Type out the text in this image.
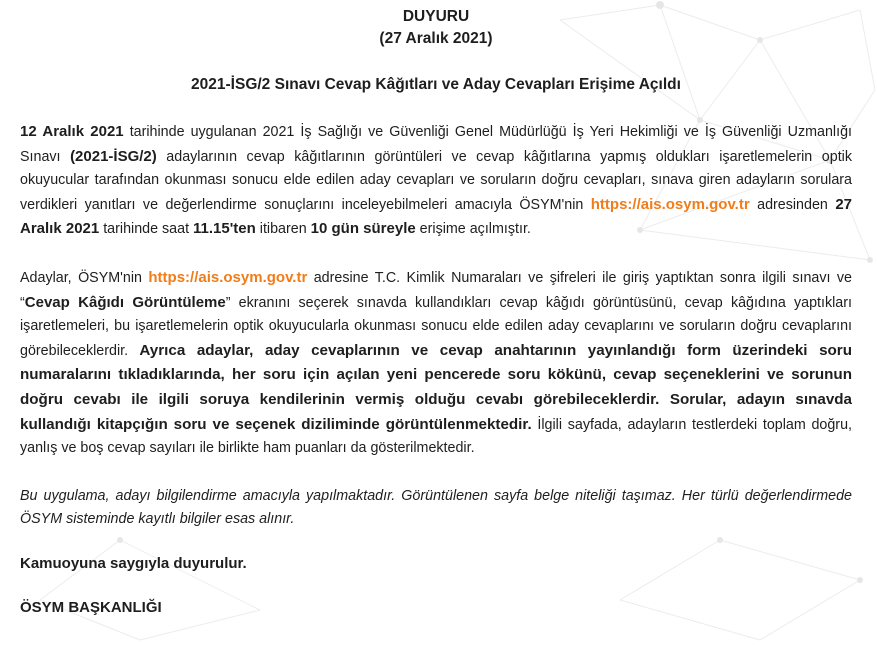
DUYURU
(27 Aralık 2021)
2021-İSG/2 Sınavı Cevap Kâğıtları ve Aday Cevapları Erişime Açıldı

12 Aralık 2021 tarihinde uygulanan 2021 İş Sağlığı ve Güvenliği Genel Müdürlüğü İş Yeri Hekimliği ve İş Güvenliği Uzmanlığı Sınavı (2021-İSG/2) adaylarının cevap kâğıtlarının görüntüleri ve cevap kâğıtlarına yapmış oldukları işaretlemelerin optik okuyucular tarafından okunması sonucu elde edilen aday cevapları ve soruların doğru cevapları, sınava giren adayların sorulara verdikleri yanıtları ve değerlendirme sonuçlarını inceleyebilmeleri amacıyla ÖSYM'nin https://ais.osym.gov.tr adresinden 27 Aralık 2021 tarihinde saat 11.15'ten itibaren 10 gün süreyle erişime açılmıştır.

Adaylar, ÖSYM'nin https://ais.osym.gov.tr adresine T.C. Kimlik Numaraları ve şifreleri ile giriş yaptıktan sonra ilgili sınavı ve “Cevap Kâğıdı Görüntüleme” ekranını seçerek sınavda kullandıkları cevap kâğıdı görüntüsünü, cevap kâğıdına yaptıkları işaretlemeleri, bu işaretlemelerin optik okuyucularla okunması sonucu elde edilen aday cevaplarını ve soruların doğru cevaplarını görebileceklerdir. Ayrıca adaylar, aday cevaplarının ve cevap anahtarının yayınlandığı form üzerindeki soru numaralarını tıkladıklarında, her soru için açılan yeni pencerede soru kökünü, cevap seçeneklerini ve sorunun doğru cevabı ile ilgili soruya kendilerinin vermiş olduğu cevabı görebileceklerdir. Sorular, adayın sınavda kullandığı kitapçığın soru ve seçenek diziliminde görüntülenmektedir. İlgili sayfada, adayların testlerdeki toplam doğru, yanlış ve boş cevap sayıları ile birlikte ham puanları da gösterilmektedir.

Bu uygulama, adayı bilgilendirme amacıyla yapılmaktadır. Görüntülenen sayfa belge niteliği taşımaz. Her türlü değerlendirmede ÖSYM sisteminde kayıtlı bilgiler esas alınır.

Kamuoyuna saygıyla duyurulur.

ÖSYM BAŞKANLIĞI
